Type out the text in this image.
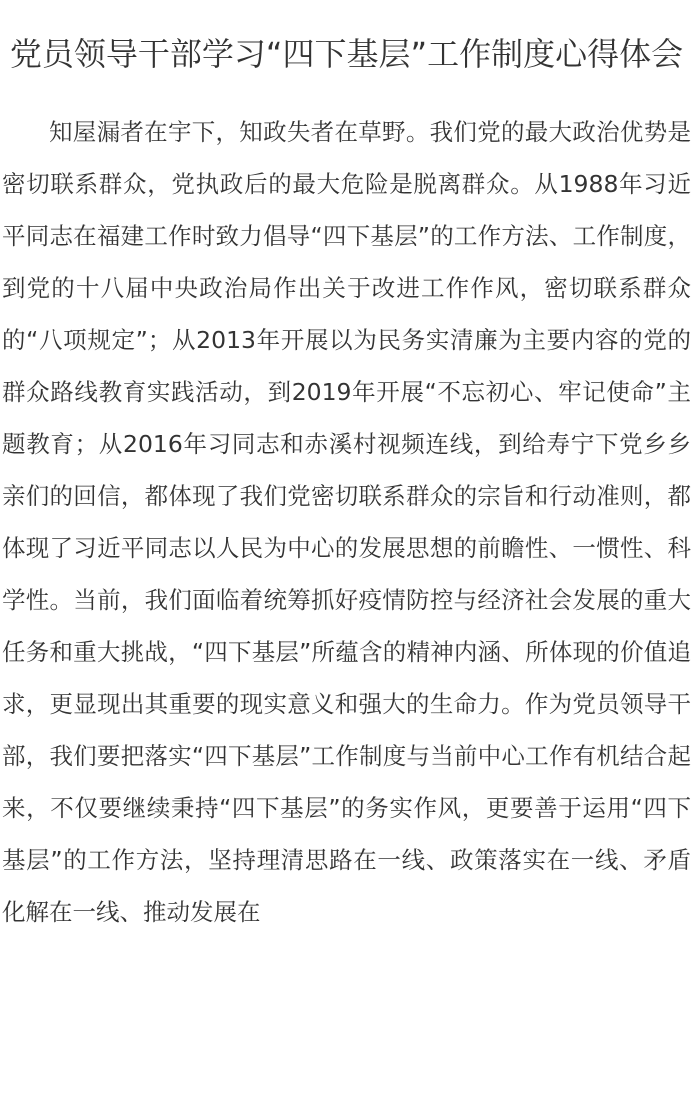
党员领导干部学习“四下基层”工作制度心得体会

知屋漏者在宇下，知政失者在草野。我们党的最大政治优势是密切联系群众，党执政后的最大危险是脱离群众。从1988年习近平同志在福建工作时致力倡导“四下基层”的工作方法、工作制度，到党的十八届中央政治局作出关于改进工作作风，密切联系群众的“八项规定”；从2013年开展以为民务实清廉为主要内容的党的群众路线教育实践活动，到2019年开展“不忘初心、牢记使命”主题教育；从2016年习同志和赤溪村视频连线，到给寿宁下党乡乡亲们的回信，都体现了我们党密切联系群众的宗旨和行动准则，都体现了习近平同志以人民为中心的发展思想的前瞻性、一惯性、科学性。当前，我们面临着统筹抓好疫情防控与经济社会发展的重大任务和重大挑战，“四下基层”所蕴含的精神内涵、所体现的价值追求，更显现出其重要的现实意义和强大的生命力。作为党员领导干部，我们要把落实“四下基层”工作制度与当前中心工作有机结合起来，不仅要继续秉持“四下基层”的务实作风，更要善于运用“四下基层”的工作方法，坚持理清思路在一线、政策落实在一线、矛盾化解在一线、推动发展在
